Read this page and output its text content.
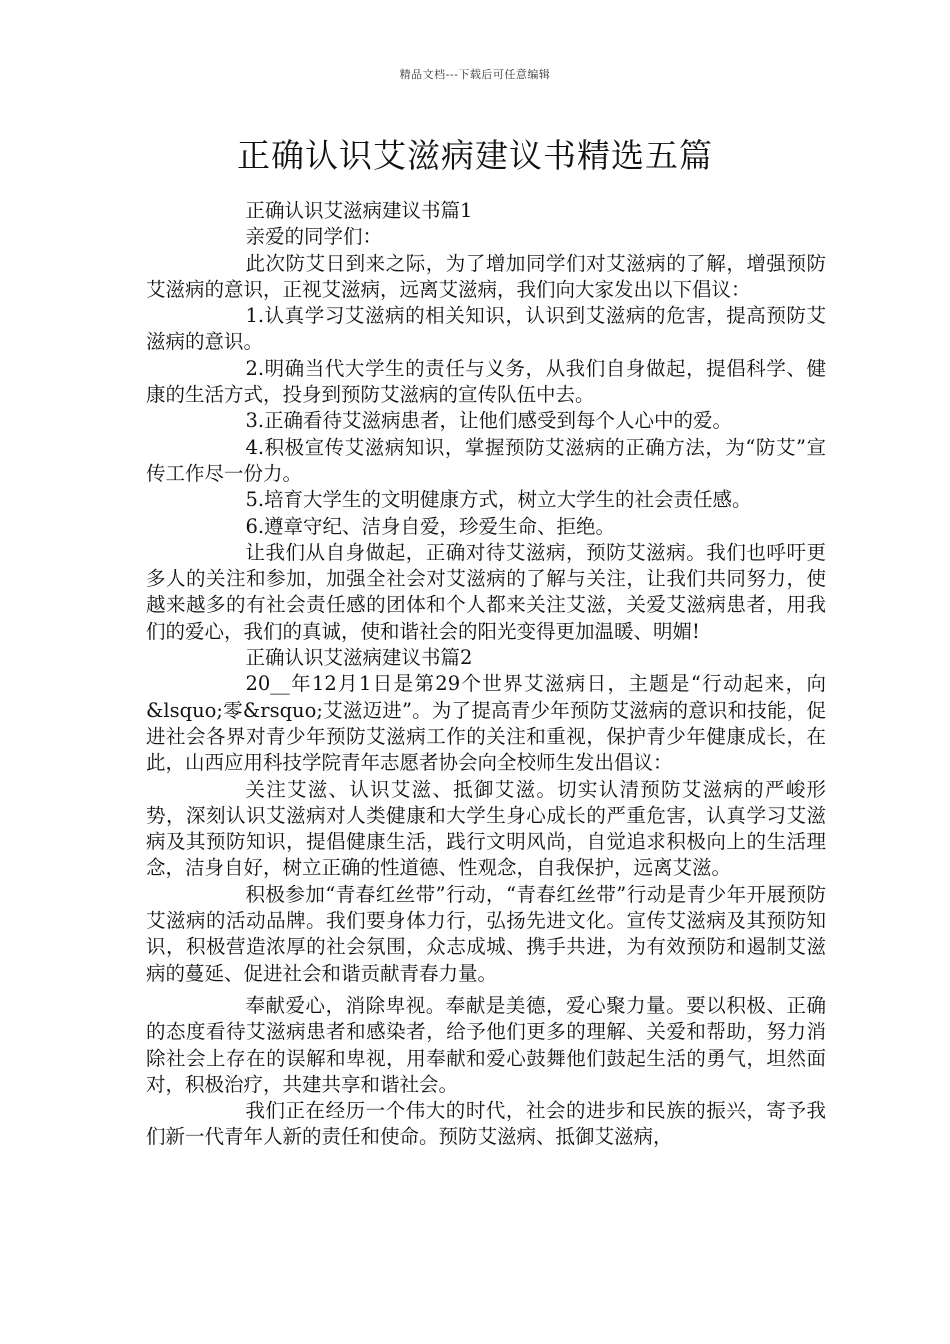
精品文档---下载后可任意编辑
正确认识艾滋病建议书精选五篇

正确认识艾滋病建议书篇1

亲爱的同学们：

此次防艾日到来之际，为了增加同学们对艾滋病的了解，增强预防艾滋病的意识，正视艾滋病，远离艾滋病，我们向大家发出以下倡议：

1.认真学习艾滋病的相关知识，认识到艾滋病的危害，提高预防艾滋病的意识。

2.明确当代大学生的责任与义务，从我们自身做起，提倡科学、健康的生活方式，投身到预防艾滋病的宣传队伍中去。

3.正确看待艾滋病患者，让他们感受到每个人心中的爱。

4.积极宣传艾滋病知识，掌握预防艾滋病的正确方法，为“防艾”宣传工作尽一份力。

5.培育大学生的文明健康方式，树立大学生的社会责任感。

6.遵章守纪、洁身自爱，珍爱生命、拒绝。

让我们从自身做起，正确对待艾滋病，预防艾滋病。我们也呼吁更多人的关注和参加，加强全社会对艾滋病的了解与关注，让我们共同努力，使越来越多的有社会责任感的团体和个人都来关注艾滋，关爱艾滋病患者，用我们的爱心，我们的真诚，使和谐社会的阳光变得更加温暖、明媚!

正确认识艾滋病建议书篇2

20__年12月1日是第29个世界艾滋病日，主题是“行动起来，向&lsquo;零&rsquo;艾滋迈进”。为了提高青少年预防艾滋病的意识和技能，促进社会各界对青少年预防艾滋病工作的关注和重视，保护青少年健康成长，在此，山西应用科技学院青年志愿者协会向全校师生发出倡议：

关注艾滋、认识艾滋、抵御艾滋。切实认清预防艾滋病的严峻形势，深刻认识艾滋病对人类健康和大学生身心成长的严重危害，认真学习艾滋病及其预防知识，提倡健康生活，践行文明风尚，自觉追求积极向上的生活理念，洁身自好，树立正确的性道德、性观念，自我保护，远离艾滋。

积极参加“青春红丝带”行动，“青春红丝带”行动是青少年开展预防艾滋病的活动品牌。我们要身体力行，弘扬先进文化。宣传艾滋病及其预防知识，积极营造浓厚的社会氛围，众志成城、携手共进，为有效预防和遏制艾滋病的蔓延、促进社会和谐贡献青春力量。

奉献爱心，消除卑视。奉献是美德，爱心聚力量。要以积极、正确的态度看待艾滋病患者和感染者，给予他们更多的理解、关爱和帮助，努力消除社会上存在的误解和卑视，用奉献和爱心鼓舞他们鼓起生活的勇气，坦然面对，积极治疗，共建共享和谐社会。

我们正在经历一个伟大的时代，社会的进步和民族的振兴，寄予我们新一代青年人新的责任和使命。预防艾滋病、抵御艾滋病，
